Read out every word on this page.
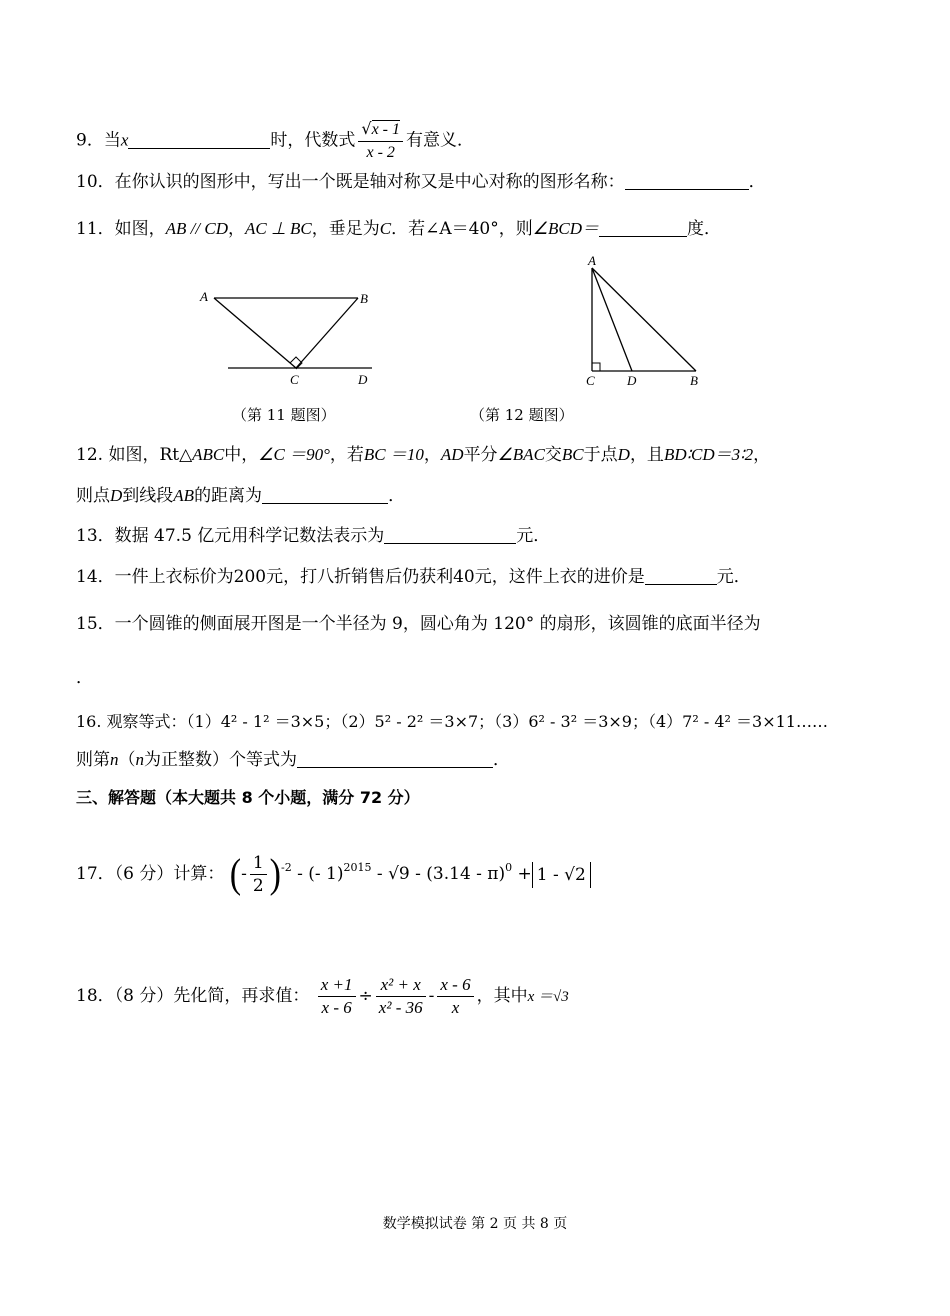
9．当x	时，代数式 $\frac{√x - 1}{x - 2}$ 有意义．
10．在你认识的图形中，写出一个既是轴对称又是中心对称的图形名称：	．
11．如图，AB // CD，AC ⊥ BC，垂足为C．若∠A＝40°，则∠BCD＝	度．
A	B
C	D
A
C D	B
（第 11 题图）	（第 12 题图）
12. 如图，Rt△ABC中，∠C ＝90°，若BC ＝10，AD平分∠BAC交BC于点D，且BD∶CD＝3∶2，
则点D到线段AB的距离为	．
13．数据 47.5 亿元用科学记数法表示为	元．
14．一件上衣标价为200元，打八折销售后仍获利40元，这件上衣的进价是	元．
15．一个圆锥的侧面展开图是一个半径为 9，圆心角为 120° 的扇形，该圆锥的底面半径为
．
16. 观察等式：（1）4² - 1² ＝3×5；（2）5² - 2² ＝3×7；（3）6² - 3² ＝3×9；（4）7² - 4² ＝3×11……
则第n（n为正整数）个等式为	．
三、解答题（本大题共 8 个小题，满分 72 分）
17．（6 分）计算： (- $\frac{1}{2} )^{-2}$ - (- 1)$^{2015}$ - √9 - (3.14 - π)$^0$ + 1 - √2
18．（8 分）先化简，再求值： $\frac{x +1}{x - 6} \div \frac{\text{x² + x}}{\text{x² - 36}} - \frac{x - 6}{x}$ ，其中x ＝√3
数学模拟试卷 第 2 页 共 8 页
